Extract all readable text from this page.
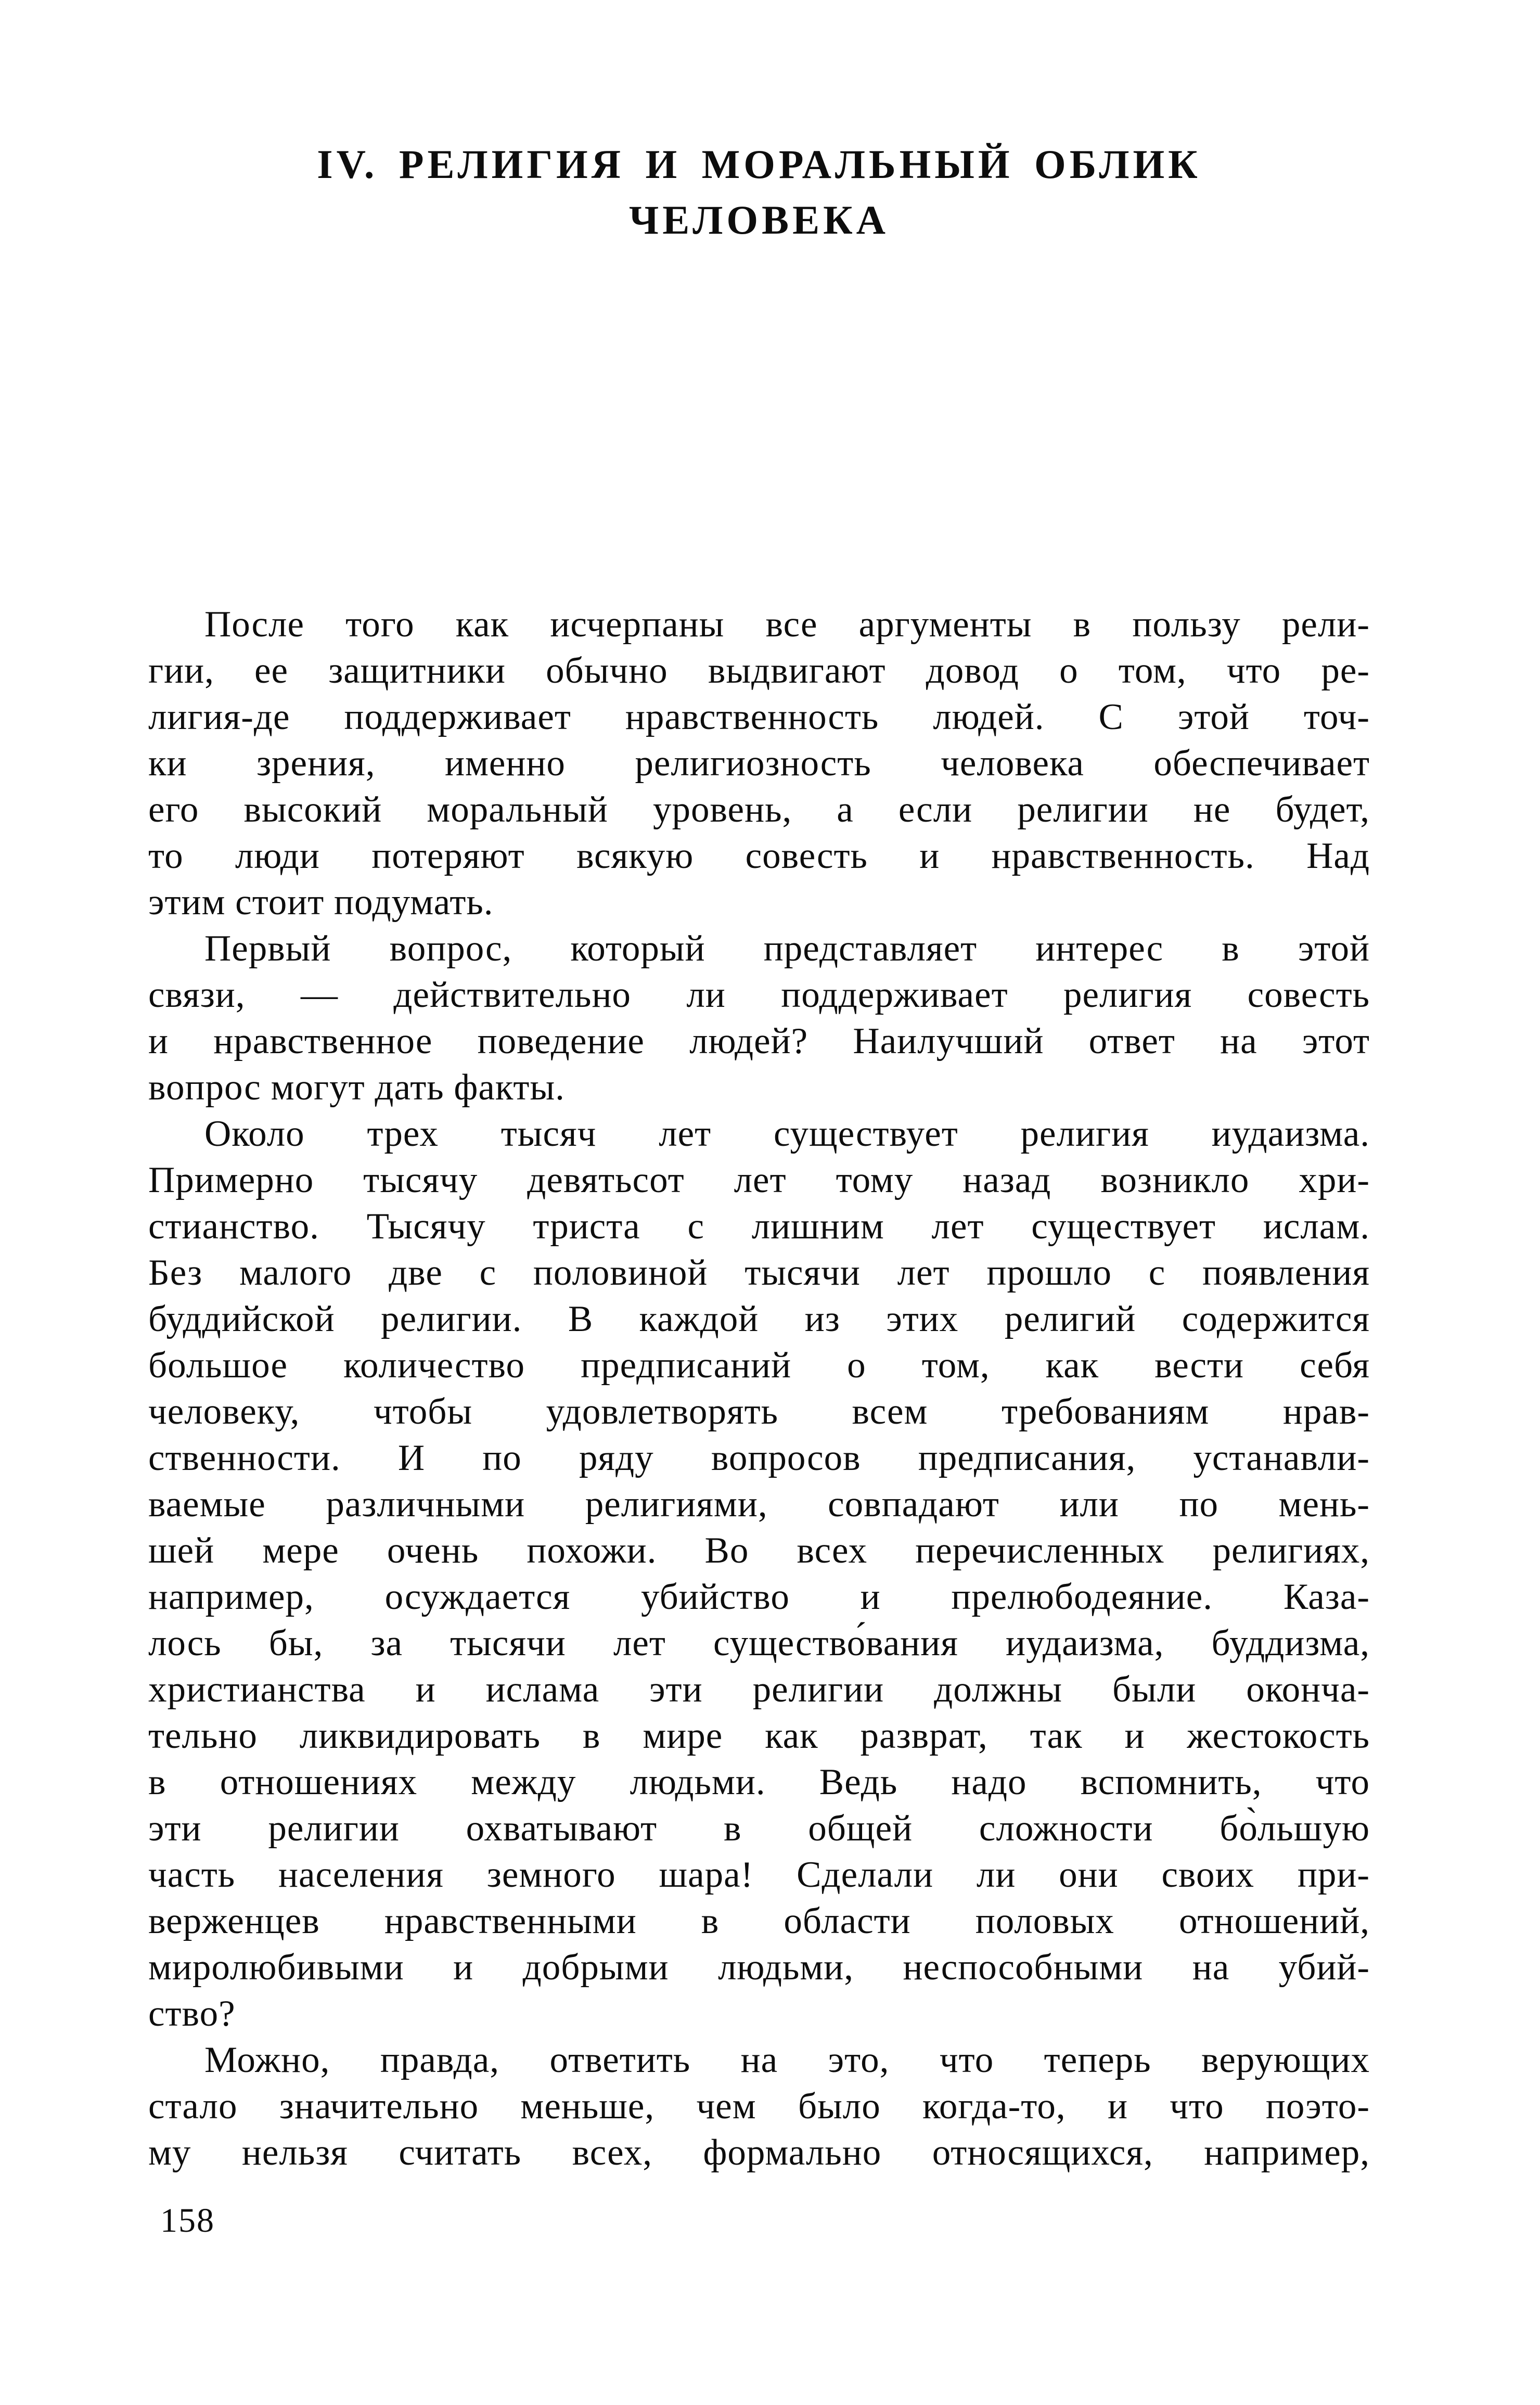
IV. РЕЛИГИЯ И МОРАЛЬНЫЙ ОБЛИК
ЧЕЛОВЕКА
После того как исчерпаны все аргументы в пользу рели-
гии, ее защитники обычно выдвигают довод о том, что ре-
лигия-де поддерживает нравственность людей. С этой точ-
ки зрения, именно религиозность человека обеспечивает
его высокий моральный уровень, а если религии не будет,
то люди потеряют всякую совесть и нравственность. Над
этим стоит подумать.
Первый вопрос, который представляет интерес в этой
связи, — действительно ли поддерживает религия совесть
и нравственное поведение людей? Наилучший ответ на этот
вопрос могут дать факты.
Около трех тысяч лет существует религия иудаизма.
Примерно тысячу девятьсот лет тому назад возникло хри-
стианство. Тысячу триста с лишним лет существует ислам.
Без малого две с половиной тысячи лет прошло с появления
буддийской религии. В каждой из этих религий содержится
большое количество предписаний о том, как вести себя
человеку, чтобы удовлетворять всем требованиям нрав-
ственности. И по ряду вопросов предписания, устанавли-
ваемые различными религиями, совпадают или по мень-
шей мере очень похожи. Во всех перечисленных религиях,
например, осуждается убийство и прелюбодеяние. Каза-
лось бы, за тысячи лет существо́вания иудаизма, буддизма,
христианства и ислама эти религии должны были оконча-
тельно ликвидировать в мире как разврат, так и жестокость
в отношениях между людьми. Ведь надо вспомнить, что
эти религии охватывают в общей сложности бо̀льшую
часть населения земного шара! Сделали ли они своих при-
верженцев нравственными в области половых отношений,
миролюбивыми и добрыми людьми, неспособными на убий-
ство?
Можно, правда, ответить на это, что теперь верующих
стало значительно меньше, чем было когда-то, и что поэто-
му нельзя считать всех, формально относящихся, например,
158
